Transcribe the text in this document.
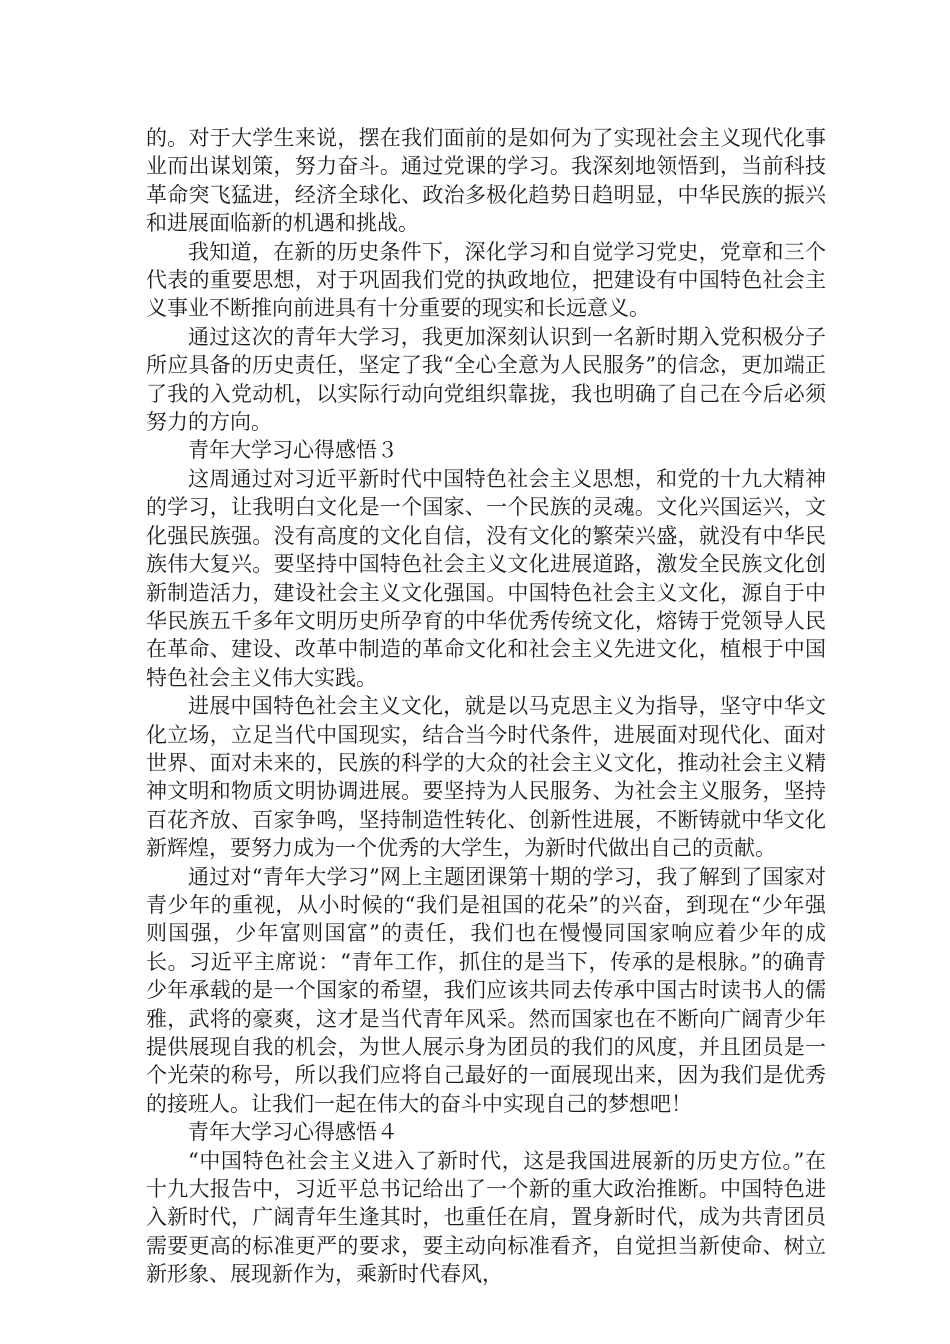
的。对于大学生来说，摆在我们面前的是如何为了实现社会主义现代化事业而出谋划策，努力奋斗。通过党课的学习。我深刻地领悟到，当前科技革命突飞猛进，经济全球化、政治多极化趋势日趋明显，中华民族的振兴和进展面临新的机遇和挑战。

我知道，在新的历史条件下，深化学习和自觉学习党史，党章和三个代表的重要思想，对于巩固我们党的执政地位，把建设有中国特色社会主义事业不断推向前进具有十分重要的现实和长远意义。

通过这次的青年大学习，我更加深刻认识到一名新时期入党积极分子所应具备的历史责任，坚定了我“全心全意为人民服务”的信念，更加端正了我的入党动机，以实际行动向党组织靠拢，我也明确了自己在今后必须努力的方向。

青年大学习心得感悟３

这周通过对习近平新时代中国特色社会主义思想，和党的十九大精神的学习，让我明白文化是一个国家、一个民族的灵魂。文化兴国运兴，文化强民族强。没有高度的文化自信，没有文化的繁荣兴盛，就没有中华民族伟大复兴。要坚持中国特色社会主义文化进展道路，激发全民族文化创新制造活力，建设社会主义文化强国。中国特色社会主义文化，源自于中华民族五千多年文明历史所孕育的中华优秀传统文化，熔铸于党领导人民在革命、建设、改革中制造的革命文化和社会主义先进文化，植根于中国特色社会主义伟大实践。

进展中国特色社会主义文化，就是以马克思主义为指导，坚守中华文化立场，立足当代中国现实，结合当今时代条件，进展面对现代化、面对世界、面对未来的，民族的科学的大众的社会主义文化，推动社会主义精神文明和物质文明协调进展。要坚持为人民服务、为社会主义服务，坚持百花齐放、百家争鸣，坚持制造性转化、创新性进展，不断铸就中华文化新辉煌，要努力成为一个优秀的大学生，为新时代做出自己的贡献。

通过对“青年大学习”网上主题团课第十期的学习，我了解到了国家对青少年的重视，从小时候的“我们是祖国的花朵”的兴奋，到现在“少年强则国强，少年富则国富”的责任，我们也在慢慢同国家响应着少年的成长。习近平主席说：“青年工作，抓住的是当下，传承的是根脉。”的确青少年承载的是一个国家的希望，我们应该共同去传承中国古时读书人的儒雅，武将的豪爽，这才是当代青年风采。然而国家也在不断向广阔青少年提供展现自我的机会，为世人展示身为团员的我们的风度，并且团员是一个光荣的称号，所以我们应将自己最好的一面展现出来，因为我们是优秀的接班人。让我们一起在伟大的奋斗中实现自己的梦想吧！

青年大学习心得感悟４

“中国特色社会主义进入了新时代，这是我国进展新的历史方位。”在十九大报告中，习近平总书记给出了一个新的重大政治推断。中国特色进入新时代，广阔青年生逢其时，也重任在肩，置身新时代，成为共青团员需要更高的标准更严的要求，要主动向标准看齐，自觉担当新使命、树立新形象、展现新作为，乘新时代春风，
